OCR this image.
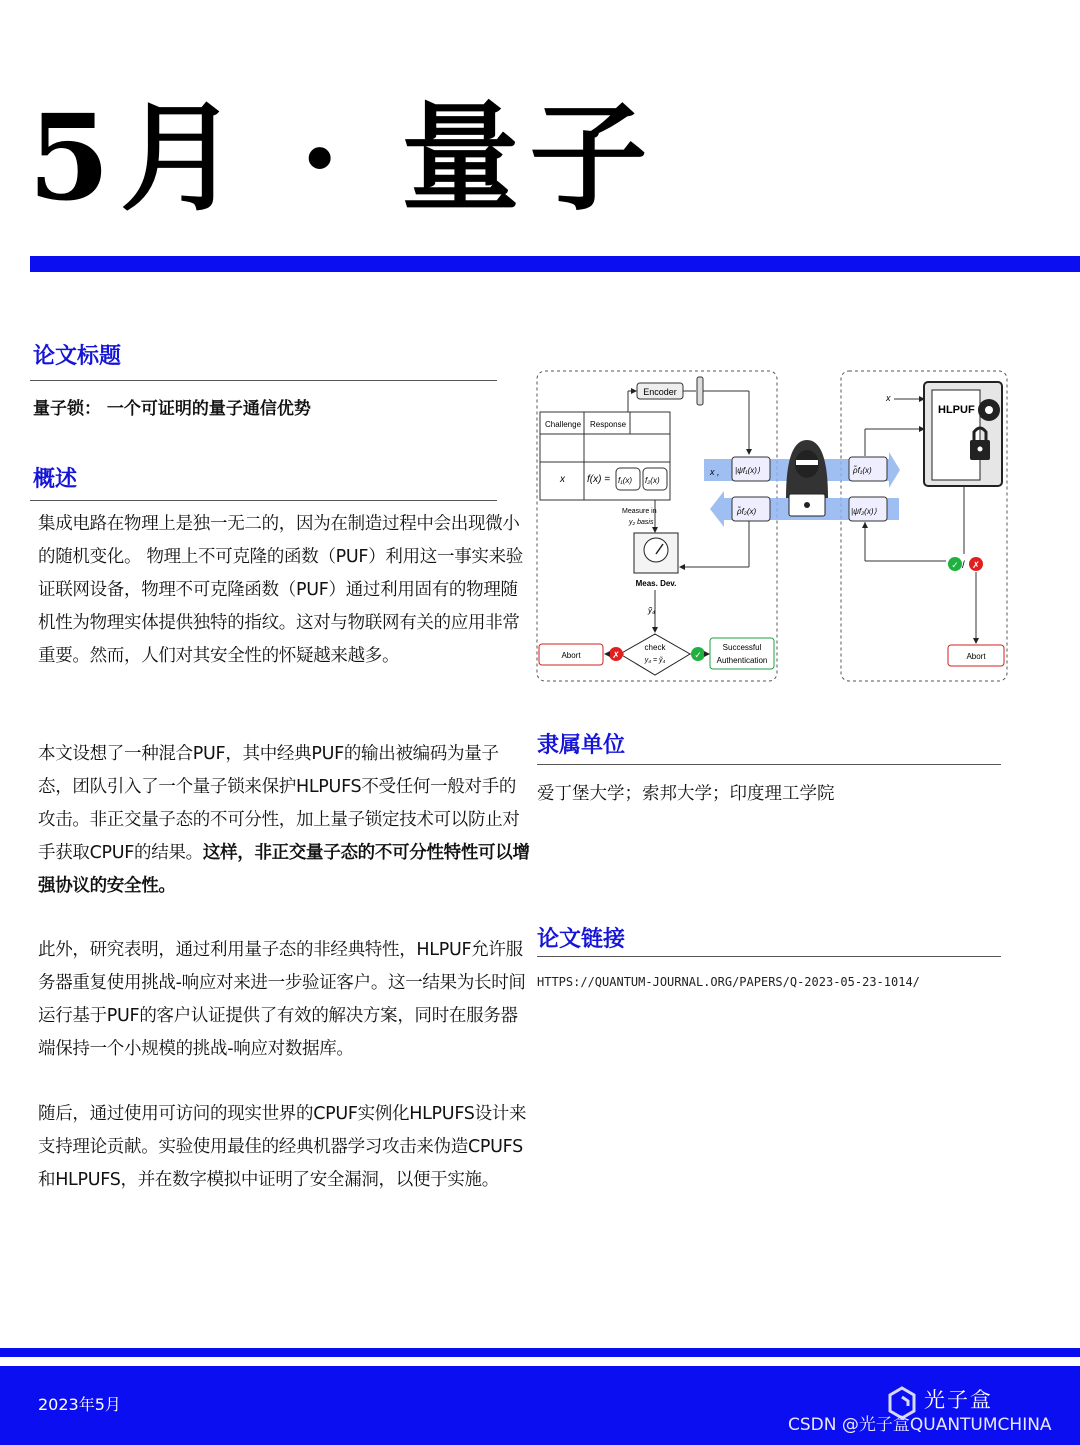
5月 · 量子
论文标题
量子锁： 一个可证明的量子通信优势
概述

集成电路在物理上是独一无二的，因为在制造过程中会出现微小的随机变化。 物理上不可克隆的函数（PUF）利用这一事实来验证联网设备，物理不可克隆函数（PUF）通过利用固有的物理随机性为物理实体提供独特的指纹。这对与物联网有关的应用非常重要。然而，人们对其安全性的怀疑越来越多。

本文设想了一种混合PUF，其中经典PUF的输出被编码为量子态，团队引入了一个量子锁来保护HLPUFS不受任何一般对手的攻击。非正交量子态的不可分性，加上量子锁定技术可以防止对手获取CPUF的结果。这样，非正交量子态的不可分性特性可以增强协议的安全性。

此外，研究表明，通过利用量子态的非经典特性，HLPUF允许服务器重复使用挑战-响应对来进一步验证客户。这一结果为长时间运行基于PUF的客户认证提供了有效的解决方案，同时在服务器端保持一个小规模的挑战-响应对数据库。

随后，通过使用可访问的现实世界的CPUF实例化HLPUFS设计来支持理论贡献。实验使用最佳的经典机器学习攻击来伪造CPUFS和HLPUFS，并在数字模拟中证明了安全漏洞，以便于实施。

Encoder
Challenge Response
x f(x) = f₁(x) f₂(x)
Measure in
y₂ basis
Meas. Dev.
ỹ₄
check
y₄ = ỹ₄
✗
Abort	✓
Successful
Authentication
x , |ψf₁(x)⟩
ρ̃f₂(x)
ρ̃f₁(x)
|ψf₂(x)⟩
x
HLPUF
✓ / ✗
Abort
隶属单位
爱丁堡大学；索邦大学；印度理工学院
论文链接
HTTPS://QUANTUM-JOURNAL.ORG/PAPERS/Q-2023-05-23-1014/
2023年5月	光子盒
CSDN @光子盒QUANTUMCHINA
